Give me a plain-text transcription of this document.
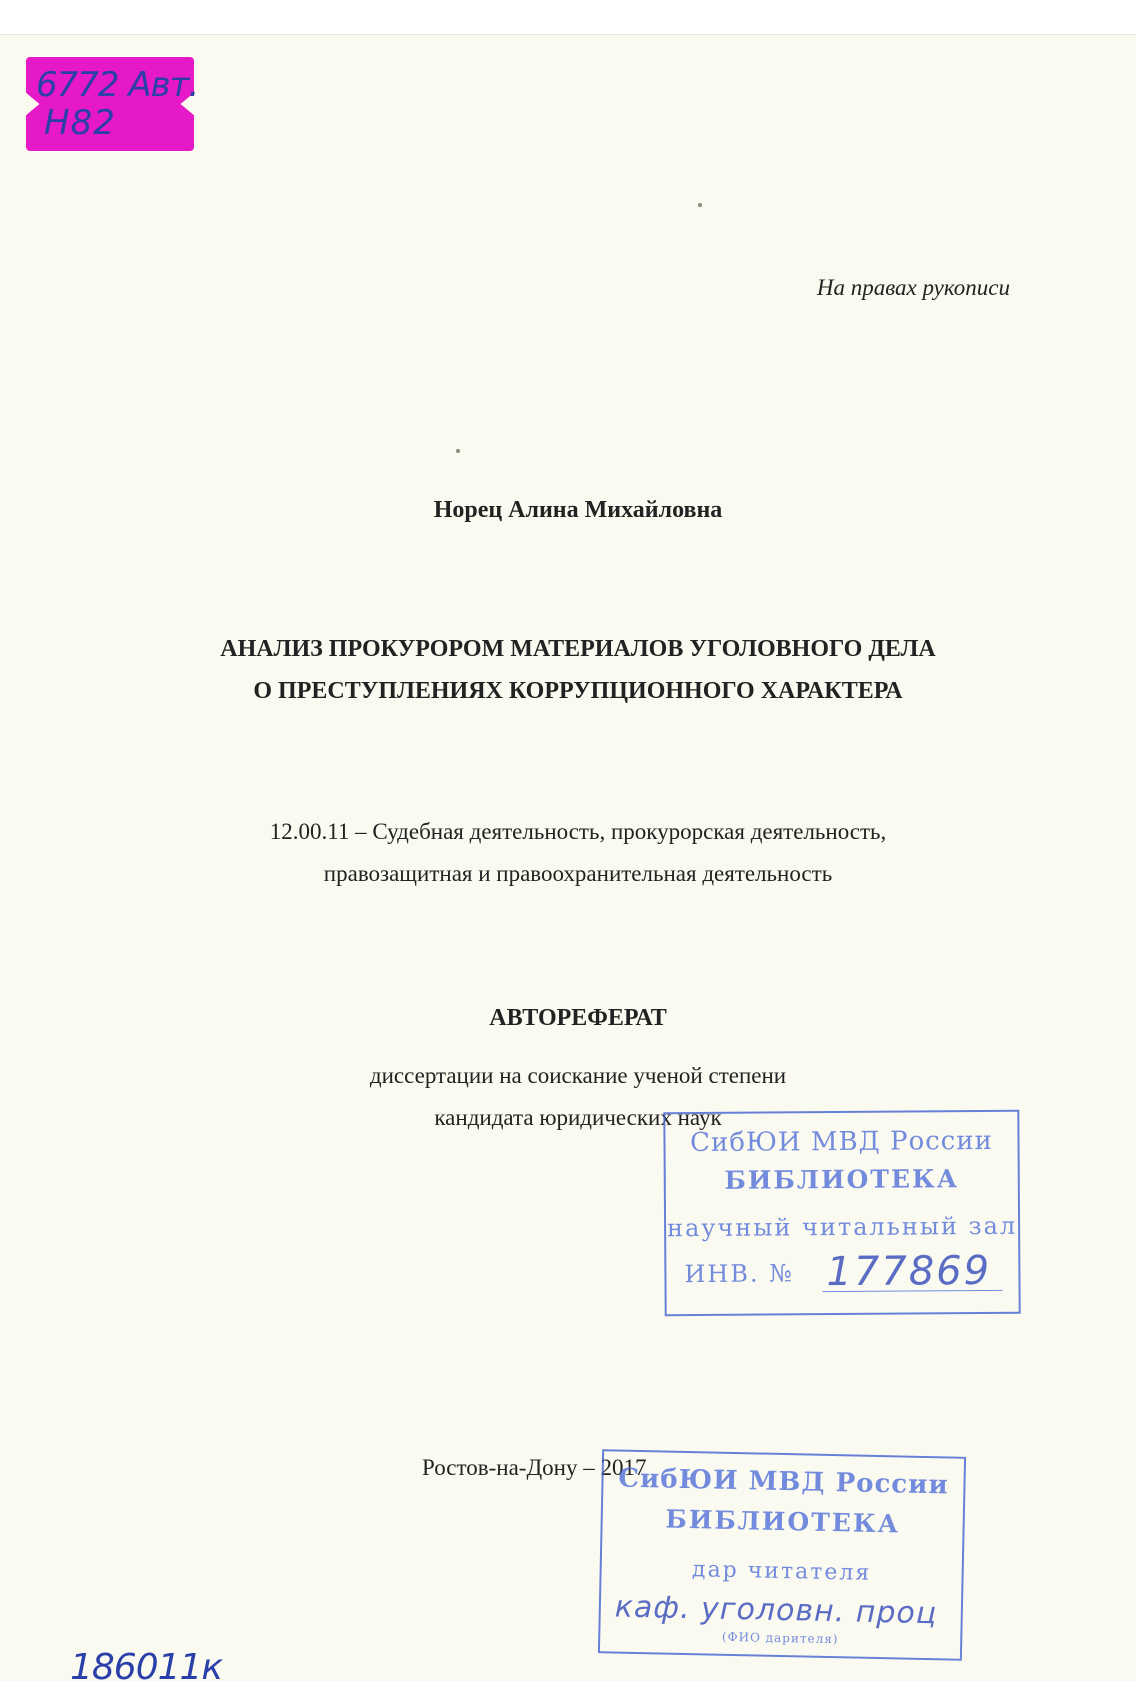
6772 Авт.
Н82
На правах рукописи
Норец Алина Михайловна
АНАЛИЗ ПРОКУРОРОМ МАТЕРИАЛОВ УГОЛОВНОГО ДЕЛА
О ПРЕСТУПЛЕНИЯХ КОРРУПЦИОННОГО ХАРАКТЕРА
12.00.11 – Судебная деятельность, прокурорская деятельность,
правозащитная и правоохранительная деятельность
АВТОРЕФЕРАТ
диссертации на соискание ученой степени
кандидата юридических наук
Ростов-на-Дону – 2017
СибЮИ МВД России
БИБЛИОТЕКА
научный читальный зал
ИНВ. № 177869
СибЮИ МВД России
БИБЛИОТЕКА
дар читателя
каф. уголовн. проц
(ФИО дарителя)
186011к
